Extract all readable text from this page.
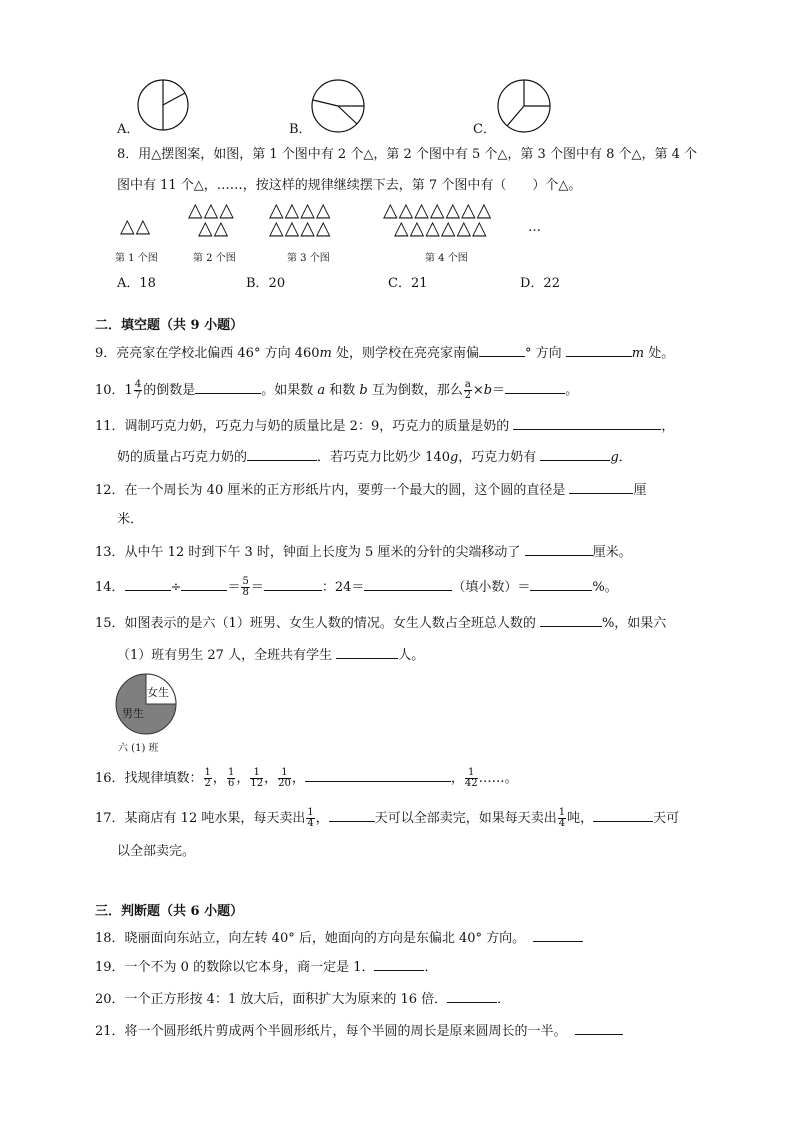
A．	B．	C．
8．用△摆图案，如图，第 1 个图中有 2 个△，第 2 个图中有 5 个△，第 3 个图中有 8 个△，第 4 个
图中有 11 个△，……，按这样的规律继续摆下去，第 7 个图中有（　　）个△。
△△
△△△
△△
△△△△
△△△△
△△△△△△△
△△△△△△	…
第 1 个图	第 2 个图	第 3 个图	第 4 个图
A．18	B．20	C．21	D．22
二．填空题（共 9 小题）
9．亮亮家在学校北偏西 46° 方向 460m 处，则学校在亮亮家南偏	° 方向	m 处。
10．$1 \frac{4}{7}$ 的倒数是	。如果数 a 和数 b 互为倒数，那么 $\frac{a}{2} \times b=$	。
11．调制巧克力奶，巧克力与奶的质量比是 2：9，巧克力的质量是奶的	，
奶的质量占巧克力奶的	．若巧克力比奶少 140g，巧克力奶有	g．
12．在一个周长为 40 厘米的正方形纸片内，要剪一个最大的圆，这个圆的直径是	厘
米．
13．从中午 12 时到下午 3 时，钟面上长度为 5 厘米的分针的尖端移动了	厘米。
14．	÷	＝ $\frac{5}{8}$ ＝	：24＝	（填小数）＝	%。
15．如图表示的是六（1）班男、女生人数的情况。女生人数占全班总人数的	%，如果六
（1）班有男生 27 人，全班共有学生	人。
女生
男生
六 (1) 班
16．找规律填数： $\frac{1}{2}$ ， $\frac{1}{6}$ ， $\frac{1}{12}$ ， $\frac{1}{20}$ ，	， $\frac{1}{42}$ ……。
17．某商店有 12 吨水果，每天卖出 $\frac{1}{4}$ ，	天可以全部卖完，如果每天卖出 $\frac{1}{4}$ 吨，	天可
以全部卖完。
三．判断题（共 6 小题）
18．晓丽面向东站立，向左转 40° 后，她面向的方向是东偏北 40° 方向。
19．一个不为 0 的数除以它本身，商一定是 1．	．
20．一个正方形按 4：1 放大后，面积扩大为原来的 16 倍．	．
21．将一个圆形纸片剪成两个半圆形纸片，每个半圆的周长是原来圆周长的一半。
